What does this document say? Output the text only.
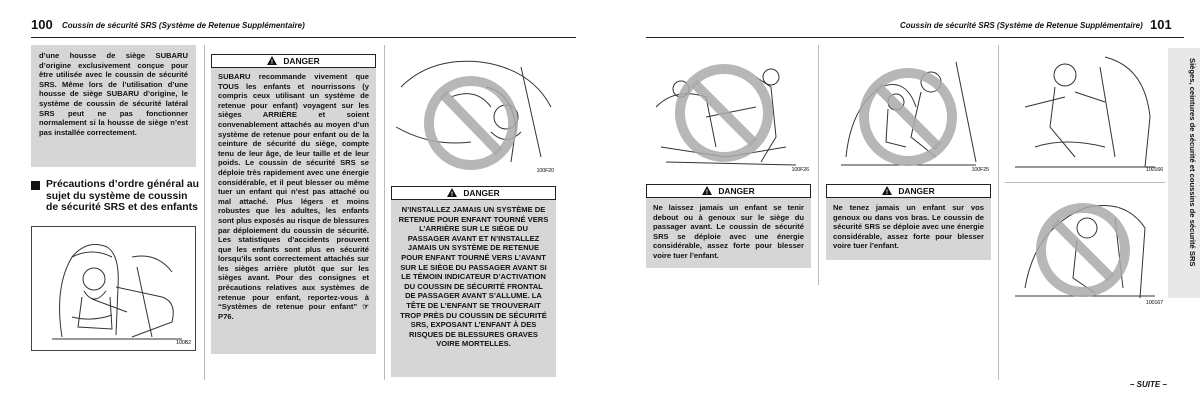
100 Coussin de sécurité SRS (Système de Retenue Supplémentaire)
d’une housse de siège SUBARU d’origine exclusivement conçue pour être utilisée avec le coussin de sécurité SRS. Même lors de l’utilisation d’une housse de siège SUBARU d’origine, le système de coussin de sécurité latéral SRS peut ne pas fonctionner normalement si la housse de siège n’est pas installée correctement.
Précautions d’ordre général au sujet du système de coussin de sécurité SRS et des enfants
100B2
!DANGER
SUBARU recommande vivement que TOUS les enfants et nourrissons (y compris ceux utilisant un système de retenue pour enfant) voyagent sur les sièges ARRIÈRE et soient convenablement attachés au moyen d’un système de retenue pour enfant ou de la ceinture de sécurité du siège, compte tenu de leur âge, de leur taille et de leur poids. Le coussin de sécurité SRS se déploie très rapidement avec une énergie considérable, et il peut blesser ou même tuer un enfant qui n’est pas attaché ou mal attaché. Plus légers et moins robustes que les adultes, les enfants sont plus exposés au risque de blessures par déploiement du coussin de sécurité. Les statistiques d’accidents prouvent que les enfants sont plus en sécurité lorsqu’ils sont correctement attachés sur les sièges arrière plutôt que sur les sièges avant. Pour des consignes et précautions relatives aux systèmes de retenue pour enfant, reportez-vous à “Systèmes de retenue pour enfant” ☞ P76.
100F20
!DANGER
N’INSTALLEZ JAMAIS UN SYSTÈME DE RETENUE POUR ENFANT TOURNÉ VERS L’ARRIÈRE SUR LE SIÈGE DU PASSAGER AVANT ET N’INSTALLEZ JAMAIS UN SYSTÈME DE RETENUE POUR ENFANT TOURNÉ VERS L’AVANT SUR LE SIÈGE DU PASSAGER AVANT SI LE TÉMOIN INDICATEUR D’ACTIVATION DU COUSSIN DE SÉCURITÉ FRONTAL DE PASSAGER AVANT S’ALLUME. LA TÊTE DE L’ENFANT SE TROUVERAIT TROP PRÈS DU COUSSIN DE SÉCURITÉ SRS, EXPOSANT L’ENFANT À DES RISQUES DE BLESSURES GRAVES VOIRE MORTELLES.
Coussin de sécurité SRS (Système de Retenue Supplémentaire) 101
100F26	100F25
!DANGER
Ne laissez jamais un enfant se tenir debout ou à genoux sur le siège du passager avant. Le coussin de sécurité SRS se déploie avec une énergie considérable, assez forte pour blesser voire tuer l’enfant.
!DANGER
Ne tenez jamais un enfant sur vos genoux ou dans vos bras. Le coussin de sécurité SRS se déploie avec une énergie considérable, assez forte pour blesser voire tuer l’enfant.
100166
100167
– SUITE –
Sièges, ceintures de sécurité et coussins de sécurité SRS
